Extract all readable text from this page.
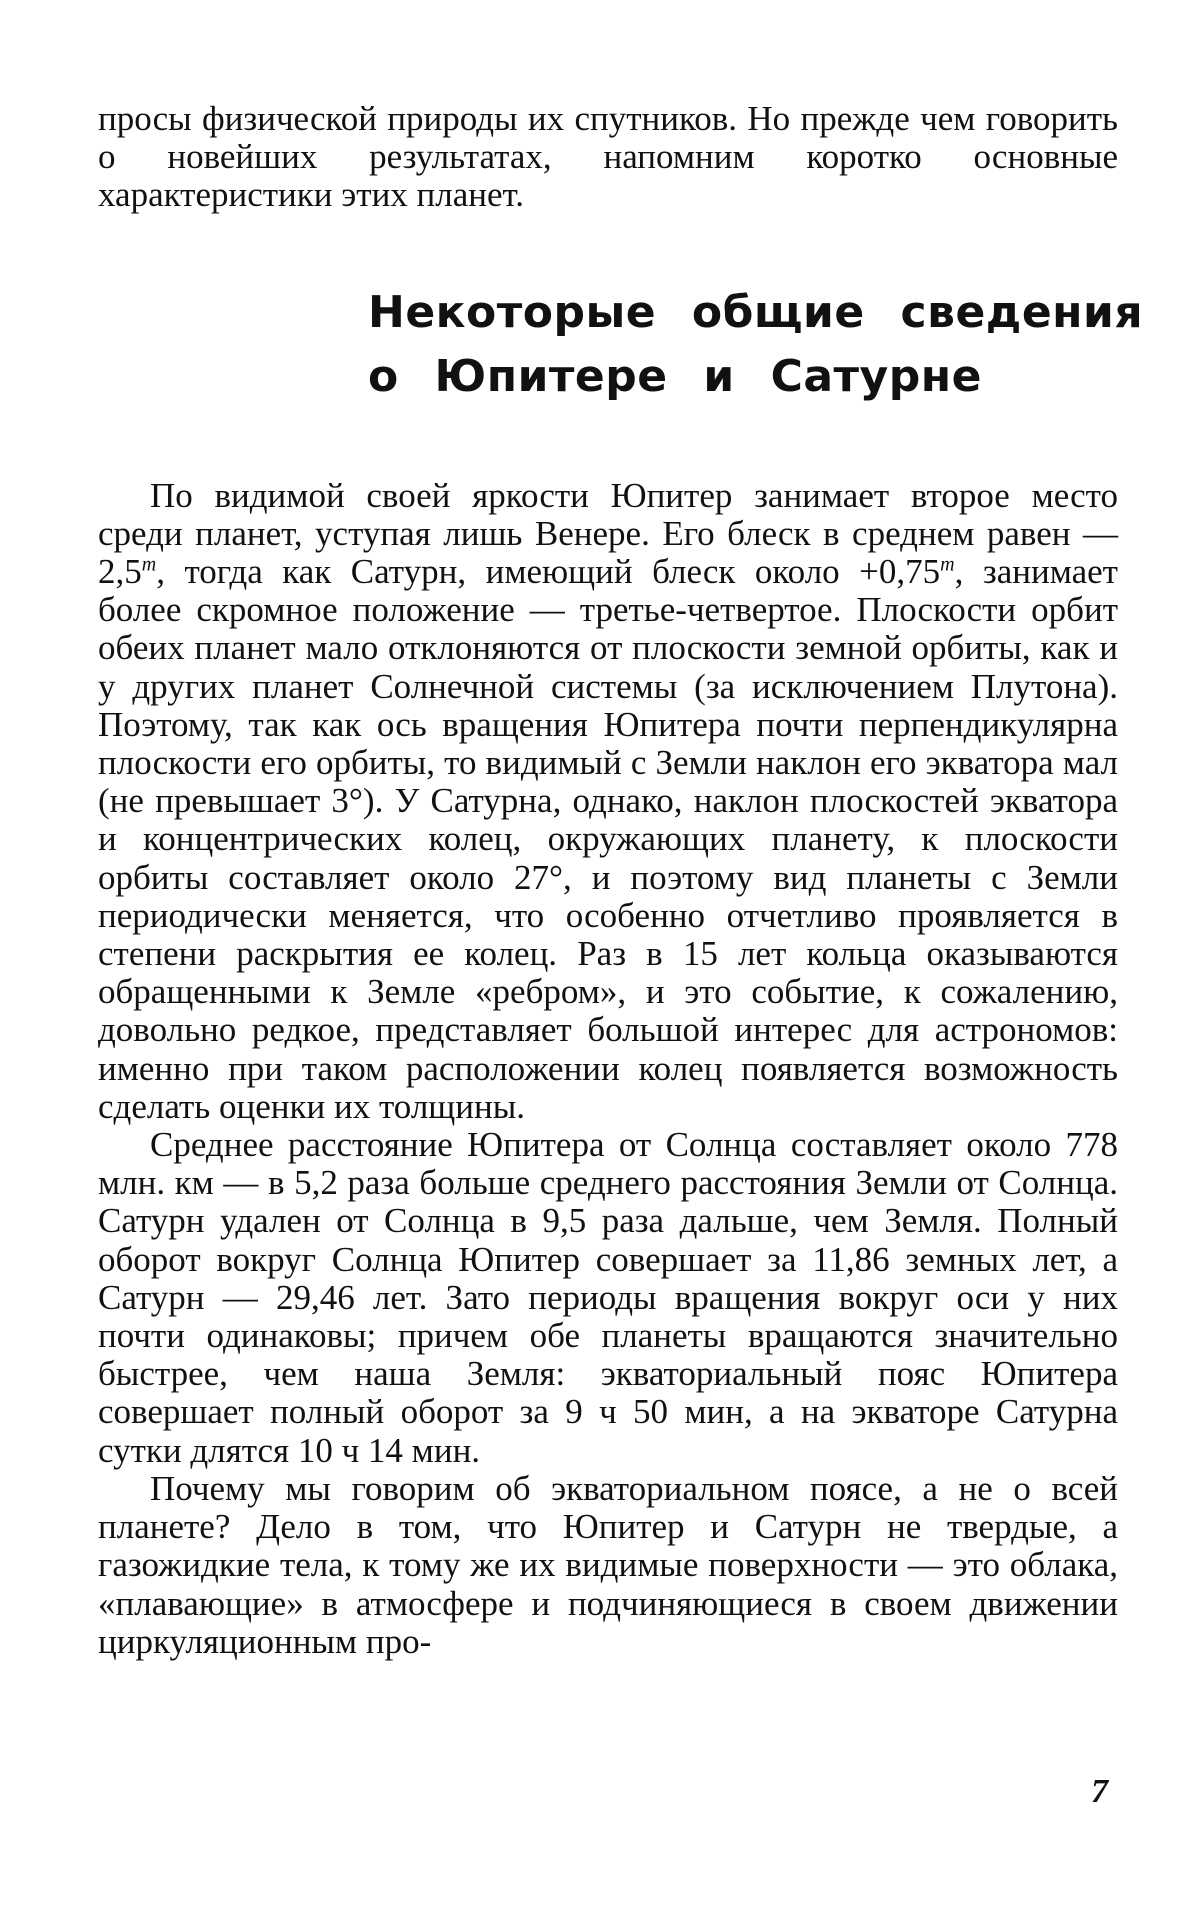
просы физической природы их спутников. Но прежде чем говорить о новейших результатах, напомним коротко основные характеристики этих планет.

Некоторые общие сведения
о Юпитере и Сатурне

По видимой своей яркости Юпитер занимает второе место среди планет, уступая лишь Венере. Его блеск в среднем равен —2,5$^m$, тогда как Сатурн, имеющий блеск около $+0,75^m$, занимает более скромное положение — третье-четвертое. Плоскости орбит обеих планет мало отклоняются от плоскости земной орбиты, как и у других планет Солнечной системы (за исключением Плутона). Поэтому, так как ось вращения Юпитера почти перпендикулярна плоскости его орбиты, то видимый с Земли наклон его экватора мал (не превышает 3°). У Сатурна, однако, наклон плоскостей экватора и концентрических колец, окружающих планету, к плоскости орбиты составляет около 27°, и поэтому вид планеты с Земли периодически меняется, что особенно отчетливо проявляется в степени раскрытия ее колец. Раз в 15 лет кольца оказываются обращенными к Земле «ребром», и это событие, к сожалению, довольно редкое, представляет большой интерес для астрономов: именно при таком расположении колец появляется возможность сделать оценки их толщины.

Среднее расстояние Юпитера от Солнца составляет около 778 млн. км — в 5,2 раза больше среднего расстояния Земли от Солнца. Сатурн удален от Солнца в 9,5 раза дальше, чем Земля. Полный оборот вокруг Солнца Юпитер совершает за 11,86 земных лет, а Сатурн — 29,46 лет. Зато периоды вращения вокруг оси у них почти одинаковы; причем обе планеты вращаются значительно быстрее, чем наша Земля: экваториальный пояс Юпитера совершает полный оборот за 9 ч 50 мин, а на экваторе Сатурна сутки длятся 10 ч 14 мин.

Почему мы говорим об экваториальном поясе, а не о всей планете? Дело в том, что Юпитер и Сатурн не твердые, а газожидкие тела, к тому же их видимые поверхности — это облака, «плавающие» в атмосфере и подчиняющиеся в своем движении циркуляционным про-

7
